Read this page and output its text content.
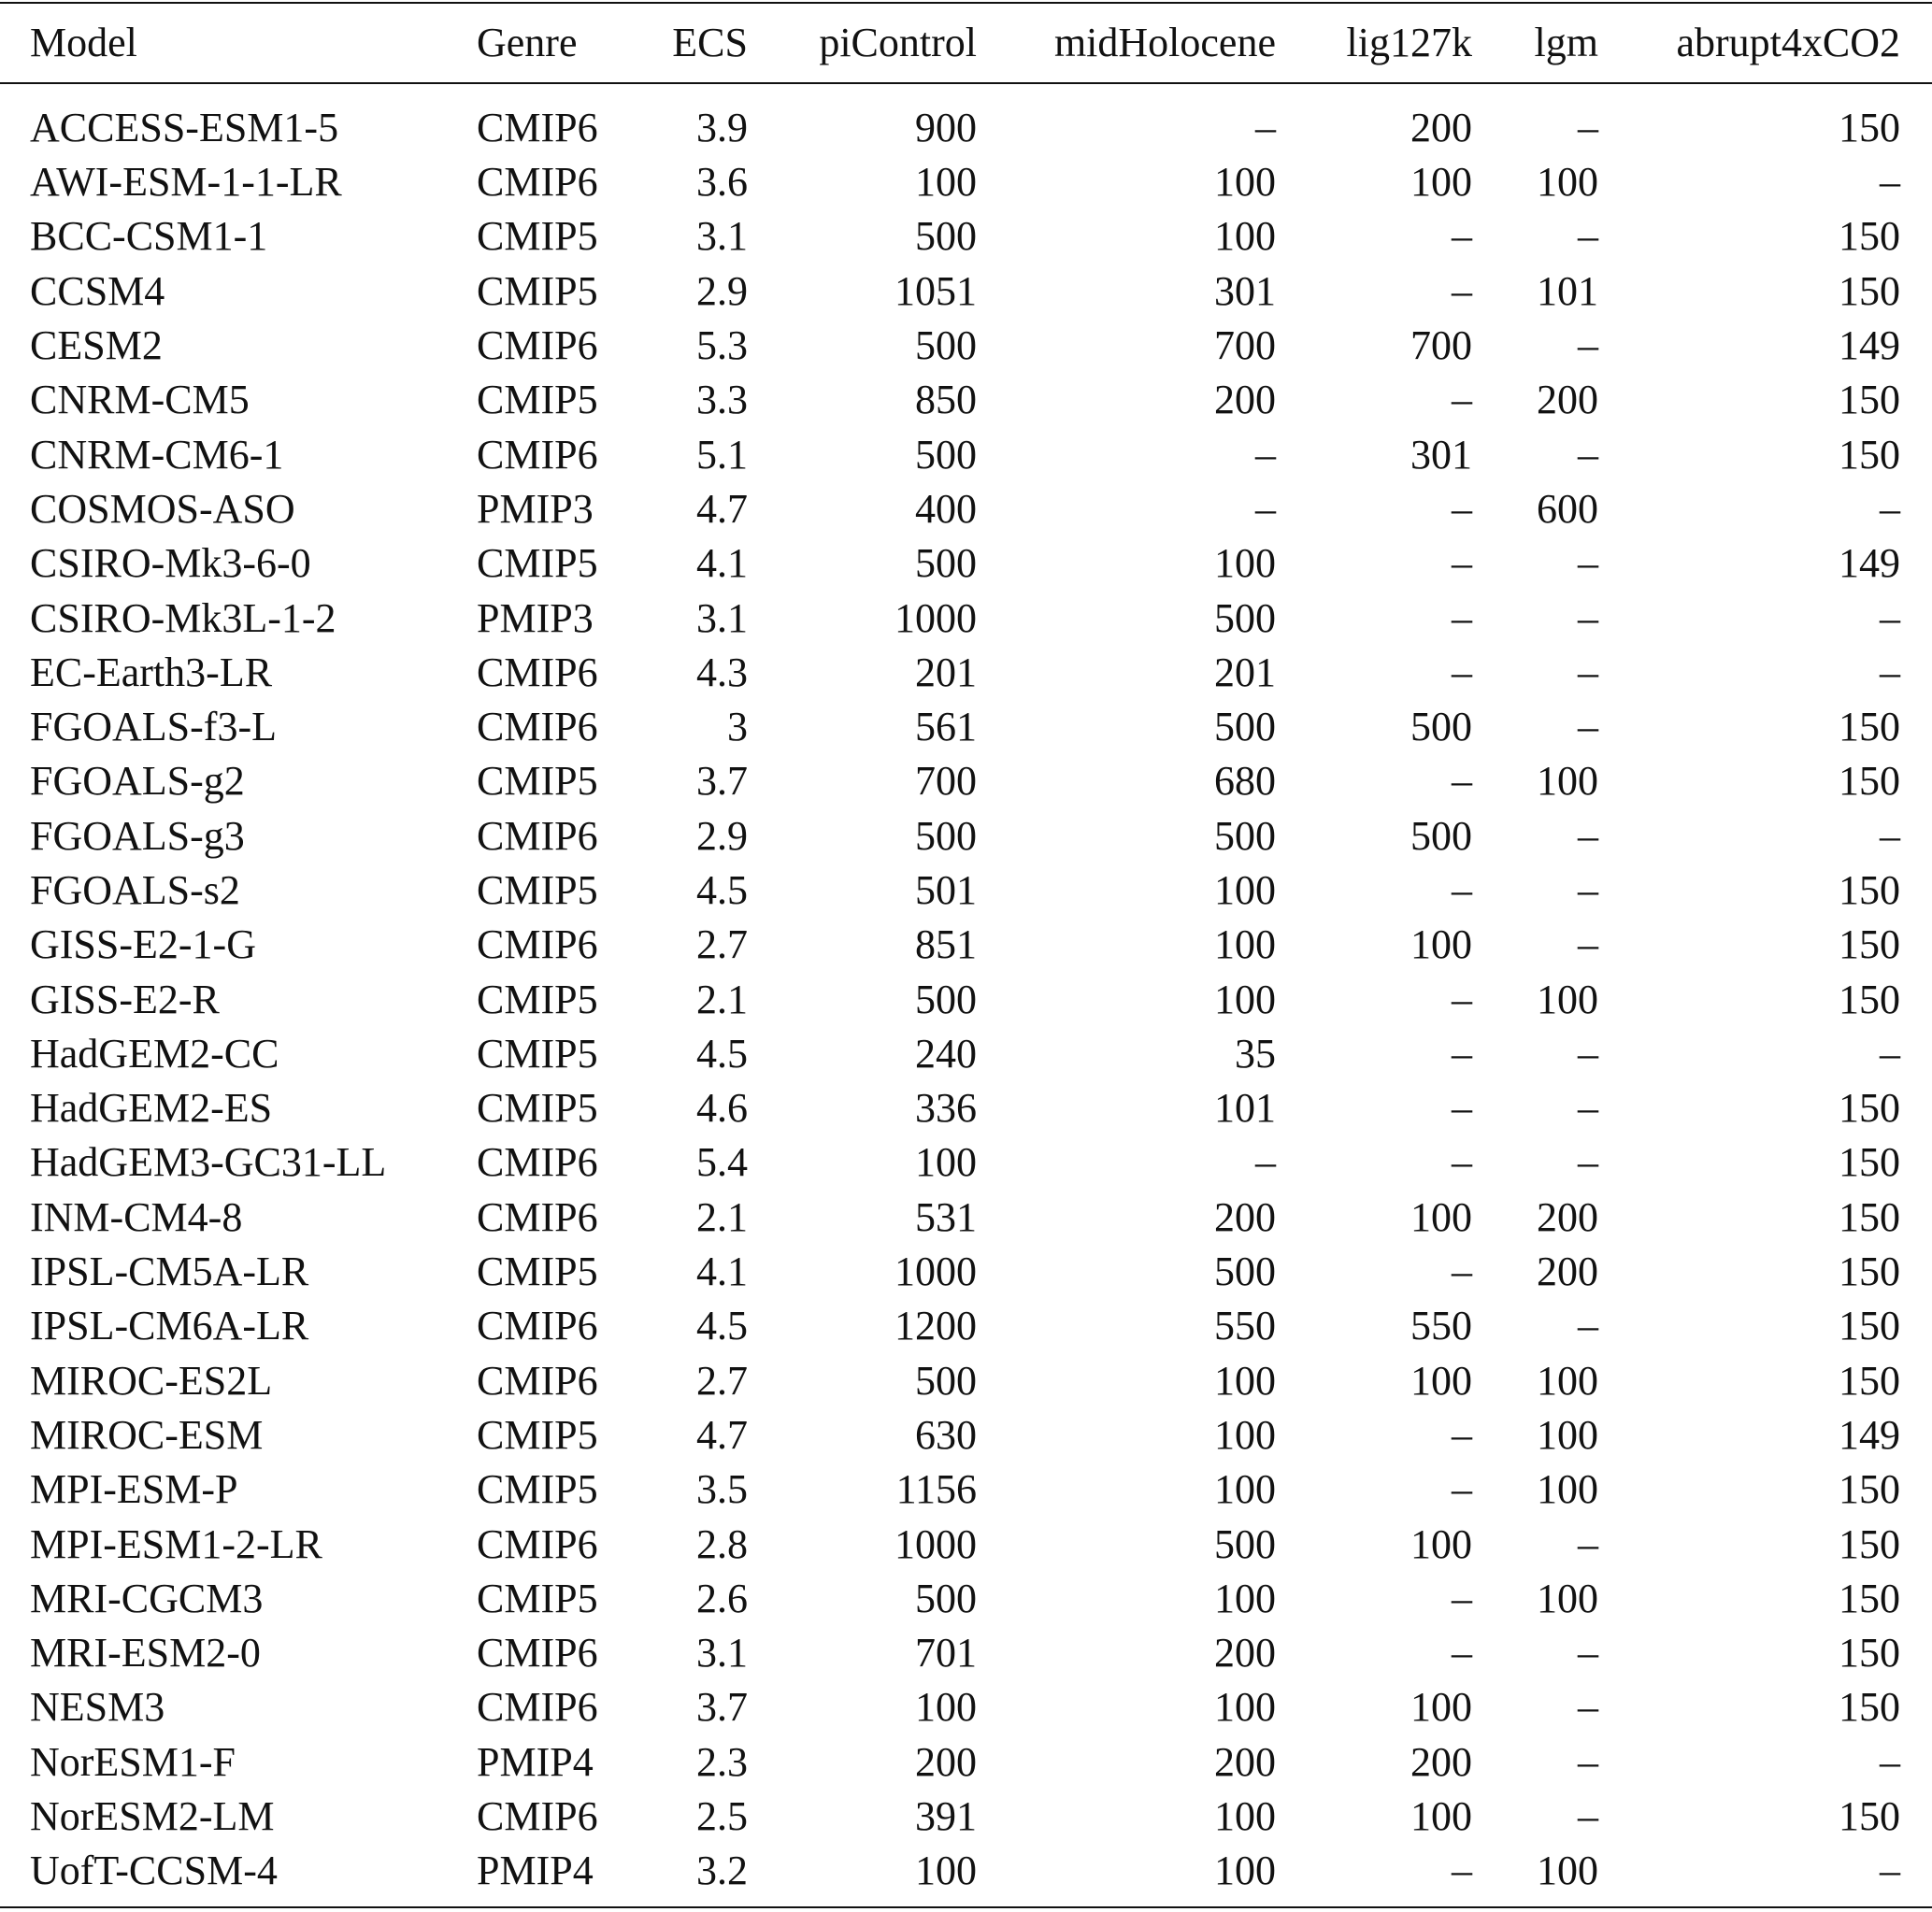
Model	Genre	ECS	piControl	midHolocene	lig127k	lgm	abrupt4xCO2
ACCESS-ESM1-5	CMIP6	3.9	900	–	200	–	150
AWI-ESM-1-1-LR	CMIP6	3.6	100	100	100	100	–
BCC-CSM1-1	CMIP5	3.1	500	100	–	–	150
CCSM4	CMIP5	2.9	1051	301	–	101	150
CESM2	CMIP6	5.3	500	700	700	–	149
CNRM-CM5	CMIP5	3.3	850	200	–	200	150
CNRM-CM6-1	CMIP6	5.1	500	–	301	–	150
COSMOS-ASO	PMIP3	4.7	400	–	–	600	–
CSIRO-Mk3-6-0	CMIP5	4.1	500	100	–	–	149
CSIRO-Mk3L-1-2	PMIP3	3.1	1000	500	–	–	–
EC-Earth3-LR	CMIP6	4.3	201	201	–	–	–
FGOALS-f3-L	CMIP6	3	561	500	500	–	150
FGOALS-g2	CMIP5	3.7	700	680	–	100	150
FGOALS-g3	CMIP6	2.9	500	500	500	–	–
FGOALS-s2	CMIP5	4.5	501	100	–	–	150
GISS-E2-1-G	CMIP6	2.7	851	100	100	–	150
GISS-E2-R	CMIP5	2.1	500	100	–	100	150
HadGEM2-CC	CMIP5	4.5	240	35	–	–	–
HadGEM2-ES	CMIP5	4.6	336	101	–	–	150
HadGEM3-GC31-LL	CMIP6	5.4	100	–	–	–	150
INM-CM4-8	CMIP6	2.1	531	200	100	200	150
IPSL-CM5A-LR	CMIP5	4.1	1000	500	–	200	150
IPSL-CM6A-LR	CMIP6	4.5	1200	550	550	–	150
MIROC-ES2L	CMIP6	2.7	500	100	100	100	150
MIROC-ESM	CMIP5	4.7	630	100	–	100	149
MPI-ESM-P	CMIP5	3.5	1156	100	–	100	150
MPI-ESM1-2-LR	CMIP6	2.8	1000	500	100	–	150
MRI-CGCM3	CMIP5	2.6	500	100	–	100	150
MRI-ESM2-0	CMIP6	3.1	701	200	–	–	150
NESM3	CMIP6	3.7	100	100	100	–	150
NorESM1-F	PMIP4	2.3	200	200	200	–	–
NorESM2-LM	CMIP6	2.5	391	100	100	–	150
UofT-CCSM-4	PMIP4	3.2	100	100	–	100	–
